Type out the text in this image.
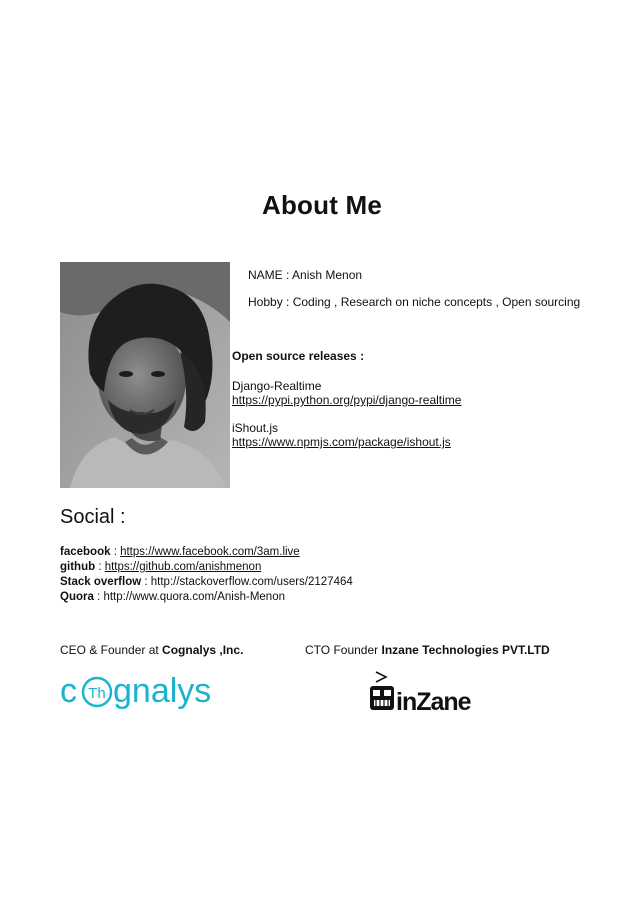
About Me
NAME : Anish Menon
Hobby : Coding , Research on niche concepts , Open sourcing
Open source releases :
Django-Realtime
https://pypi.python.org/pypi/django-realtime
iShout.js
https://www.npmjs.com/package/ishout.js
Social :
facebook : https://www.facebook.com/3am.live
github : https://github.com/anishmenon
Stack overflow : http://stackoverflow.com/users/2127464
Quora : http://www.quora.com/Anish-Menon
CEO & Founder at Cognalys ,Inc.	CTO Founder Inzane Technologies PVT.LTD
c Th gnalys	inZane
